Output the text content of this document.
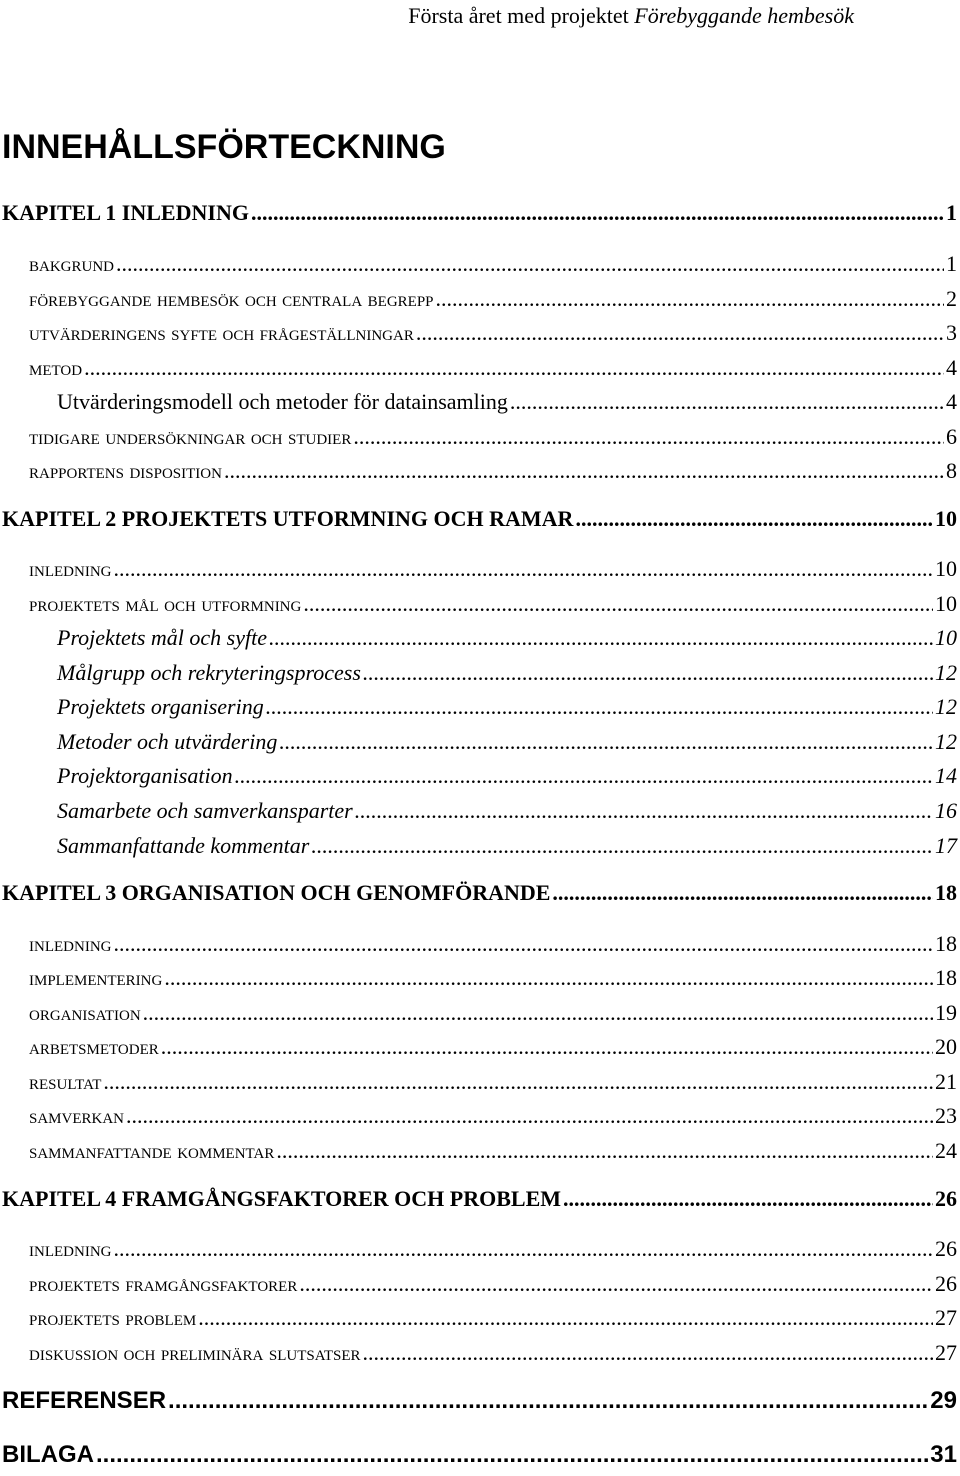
Första året med projektet Förebyggande hembesök
INNEHÅLLSFÖRTECKNING
KAPITEL 1 INLEDNING .....	1
bakgrund .....	1
förebyggande hembesök och centrala begrepp .....	2
utvärderingens syfte och frågeställningar .....	3
metod .....	4
Utvärderingsmodell och metoder för datainsamling .....	4
tidigare undersökningar och studier .....	6
rapportens disposition .....	8
KAPITEL 2 PROJEKTETS UTFORMNING OCH RAMAR .....	10
inledning .....	10
projektets mål och utformning .....	10
Projektets mål och syfte .....	10
Målgrupp och rekryteringsprocess .....	12
Projektets organisering .....	12
Metoder och utvärdering .....	12
Projektorganisation .....	14
Samarbete och samverkansparter .....	16
Sammanfattande kommentar .....	17
KAPITEL 3 ORGANISATION OCH GENOMFÖRANDE .....	18
inledning .....	18
implementering .....	18
organisation .....	19
arbetsmetoder .....	20
resultat .....	21
samverkan .....	23
sammanfattande kommentar .....	24
KAPITEL 4 FRAMGÅNGSFAKTORER OCH PROBLEM .....	26
inledning .....	26
projektets framgångsfaktorer .....	26
projektets problem .....	27
diskussion och preliminära slutsatser .....	27
REFERENSER .....	29
BILAGA .....	31
